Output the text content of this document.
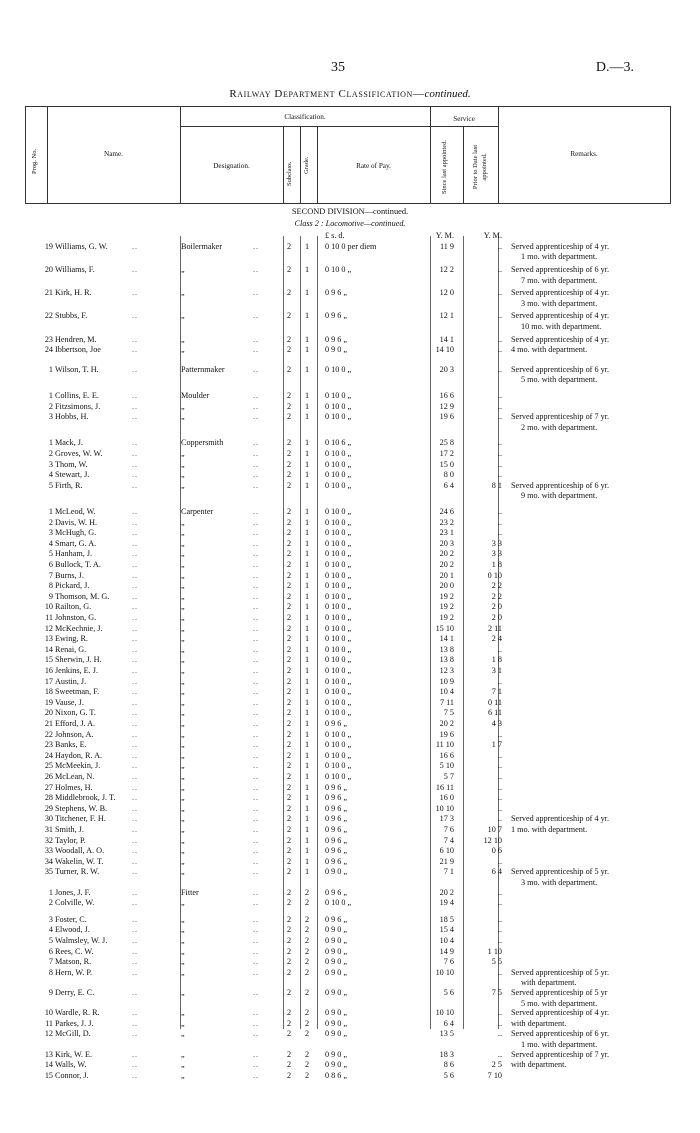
35	D.—3.
Railway Department Classification—continued.
Prog. No.	Name.
Classification.
Designation.	Subclass. Grade.	Rate of Pay.
Service
Since last appointed.	Prior to Date last appointed.	Remarks.
SECOND DIVISION—continued.
Class 2 : Locomotive—continued.
£ s. d.	Y. M.	Y. M.
19 Williams, G. W.	..	Boilermaker	..	2	1	0 10 0 per diem	11 9	.. Served apprenticeship of 4 yr.
1 mo. with department.
20 Williams, F.	..	„	..	2	1	0 10 0 „	12 2	.. Served apprenticeship of 6 yr.
7 mo. with department.
21 Kirk, H. R.	..	„	..	2	1	0 9 6 „	12 0	.. Served apprenticeship of 4 yr.
3 mo. with department.
22 Stubbs, F.	..	„	..	2	1	0 9 6 „	12 1	.. Served apprenticeship of 4 yr.
10 mo. with department.
23 Hendren, M.	..	„	..	2	1	0 9 6 „	14 1	.. Served apprenticeship of 4 yr.
24 Ibbertson, Joe	..	„	..	2	1	0 9 0 „	14 10	.. 4 mo. with department.
1 Wilson, T. H.	..	Patternmaker	..	2	1	0 10 0 „	20 3	.. Served apprenticeship of 6 yr.
5 mo. with department.
1 Collins, E. E.	..	Moulder	..	2	1	0 10 0 „	16 6	..
2 Fitzsimons, J.	..	„	..	2	1	0 10 0 „	12 9	..
3 Hobbs, H.	..	„	..	2	1	0 10 0 „	19 6	.. Served apprenticeship of 7 yr.
2 mo. with department.
1 Mack, J.	..	Coppersmith	..	2	1	0 10 6 „	25 8	..
2 Groves, W. W.	..	„	..	2	1	0 10 0 „	17 2	..
3 Thom, W.	..	„	..	2	1	0 10 0 „	15 0	..
4 Stewart, J.	..	„	..	2	1	0 10 0 „	8 0	..
5 Firth, R.	..	„	..	2	1	0 10 0 „	6 4	8 1 Served apprenticeship of 6 yr.
9 mo. with department.
1 McLeod, W.	..	Carpenter	..	2	1	0 10 0 „	24 6	..
2 Davis, W. H.	..	„	..	2	1	0 10 0 „	23 2	..
3 McHugh, G.	..	„	..	2	1	0 10 0 „	23 1	..
4 Smart, G. A.	..	„	..	2	1	0 10 0 „	20 3	3 3
5 Hanham, J.	..	„	..	2	1	0 10 0 „	20 2	3 3
6 Bullock, T. A.	..	„	..	2	1	0 10 0 „	20 2	1 8
7 Burns, J.	..	„	..	2	1	0 10 0 „	20 1	0 10
8 Pickard, J.	..	„	..	2	1	0 10 0 „	20 0	2 2
9 Thomson, M. G.	..	„	..	2	1	0 10 0 „	19 2	2 2
10 Railton, G.	..	„	..	2	1	0 10 0 „	19 2	2 0
11 Johnston, G.	..	„	..	2	1	0 10 0 „	19 2	2 0
12 McKechnie, J.	..	„	..	2	1	0 10 0 „	15 10	2 11
13 Ewing, R.	..	„	..	2	1	0 10 0 „	14 1	2 4
14 Renai, G.	..	„	..	2	1	0 10 0 „	13 8	..
15 Sherwin, J. H.	..	„	..	2	1	0 10 0 „	13 8	1 8
16 Jenkins, E. J.	..	„	..	2	1	0 10 0 „	12 3	3 1
17 Austin, J.	..	„	..	2	1	0 10 0 „	10 9	..
18 Sweetman, F.	..	„	..	2	1	0 10 0 „	10 4	7 1
19 Vause, J.	..	„	..	2	1	0 10 0 „	7 11	0 11
20 Nixon, G. T.	..	„	..	2	1	0 10 0 „	7 5	6 11
21 Efford, J. A.	..	„	..	2	1	0 9 6 „	20 2	4 3
22 Johnson, A.	..	„	..	2	1	0 10 0 „	19 6	..
23 Banks, E.	..	„	..	2	1	0 10 0 „	11 10	1 7
24 Haydon, R. A.	..	„	..	2	1	0 10 0 „	16 6	..
25 McMeekin, J.	..	„	..	2	1	0 10 0 „	5 10	..
26 McLean, N.	..	„	..	2	1	0 10 0 „	5 7	..
27 Holmes, H.	..	„	..	2	1	0 9 6 „	16 11	..
28 Middlebrook, J. T. ..	„	..	2	1	0 9 6 „	16 0	..
29 Stephens, W. B.	..	„	..	2	1	0 9 6 „	10 10	..
30 Titchener, F. H.	..	„	..	2	1	0 9 6 „	17 3	.. Served apprenticeship of 4 yr.
31 Smith, J.	..	„	..	2	1	0 9 6 „	7 6	10 7 1 mo. with department.
32 Taylor, P.	..	„	..	2	1	0 9 6 „	7 4	12 10
33 Woodall, A. O.	..	„	..	2	1	0 9 6 „	6 10	0 6
34 Wakelin, W. T.	..	„	..	2	1	0 9 6 „	21 9	..
35 Turner, R. W.	..	„	..	2	1	0 9 0 „	7 1	6 4 Served apprenticeship of 5 yr.
3 mo. with department.
1 Jones, J. F.	..	Fitter	..	2	2	0 9 6 „	20 2	..
2 Colville, W.	..	„	..	2	2	0 10 0 „	19 4	..
3 Foster, C.	..	„	..	2	2	0 9 6 „	18 5	..
4 Elwood, J.	..	„	..	2	2	0 9 0 „	15 4	..
5 Walmsley, W. J.	..	„	..	2	2	0 9 0 „	10 4	..
6 Rees, C. W.	..	„	..	2	2	0 9 0 „	14 9	1 10
7 Matson, R.	..	„	..	2	2	0 9 0 „	7 6	5 5
8 Hern, W. P.	..	„	..	2	2	0 9 0 „	10 10	.. Served apprenticeship of 5 yr.
with department.
9 Derry, E. C.	..	„	..	2	2	0 9 0 „	5 6	7 5 Served apprenticeship of 5 yr
5 mo. with department.
10 Wardle, R. R.	..	„	..	2	2	0 9 0 „	10 10	.. Served apprenticeship of 4 yr.
11 Parkes, J. J.	..	„	..	2	2	0 9 0 „	6 4	.. with department.
12 McGill, D.	..	„	..	2	2	0 9 0 „	13 5	.. Served apprenticeship of 6 yr.
1 mo. with department.
13 Kirk, W. E.	..	„	..	2	2	0 9 0 „	18 3	.. Served apprenticeship of 7 yr.
14 Walls, W.	..	„	..	2	2	0 9 0 „	8 6	2 5 with department.
15 Connor, J.	..	„	..	2	2	0 8 6 „	5 6	7 10
